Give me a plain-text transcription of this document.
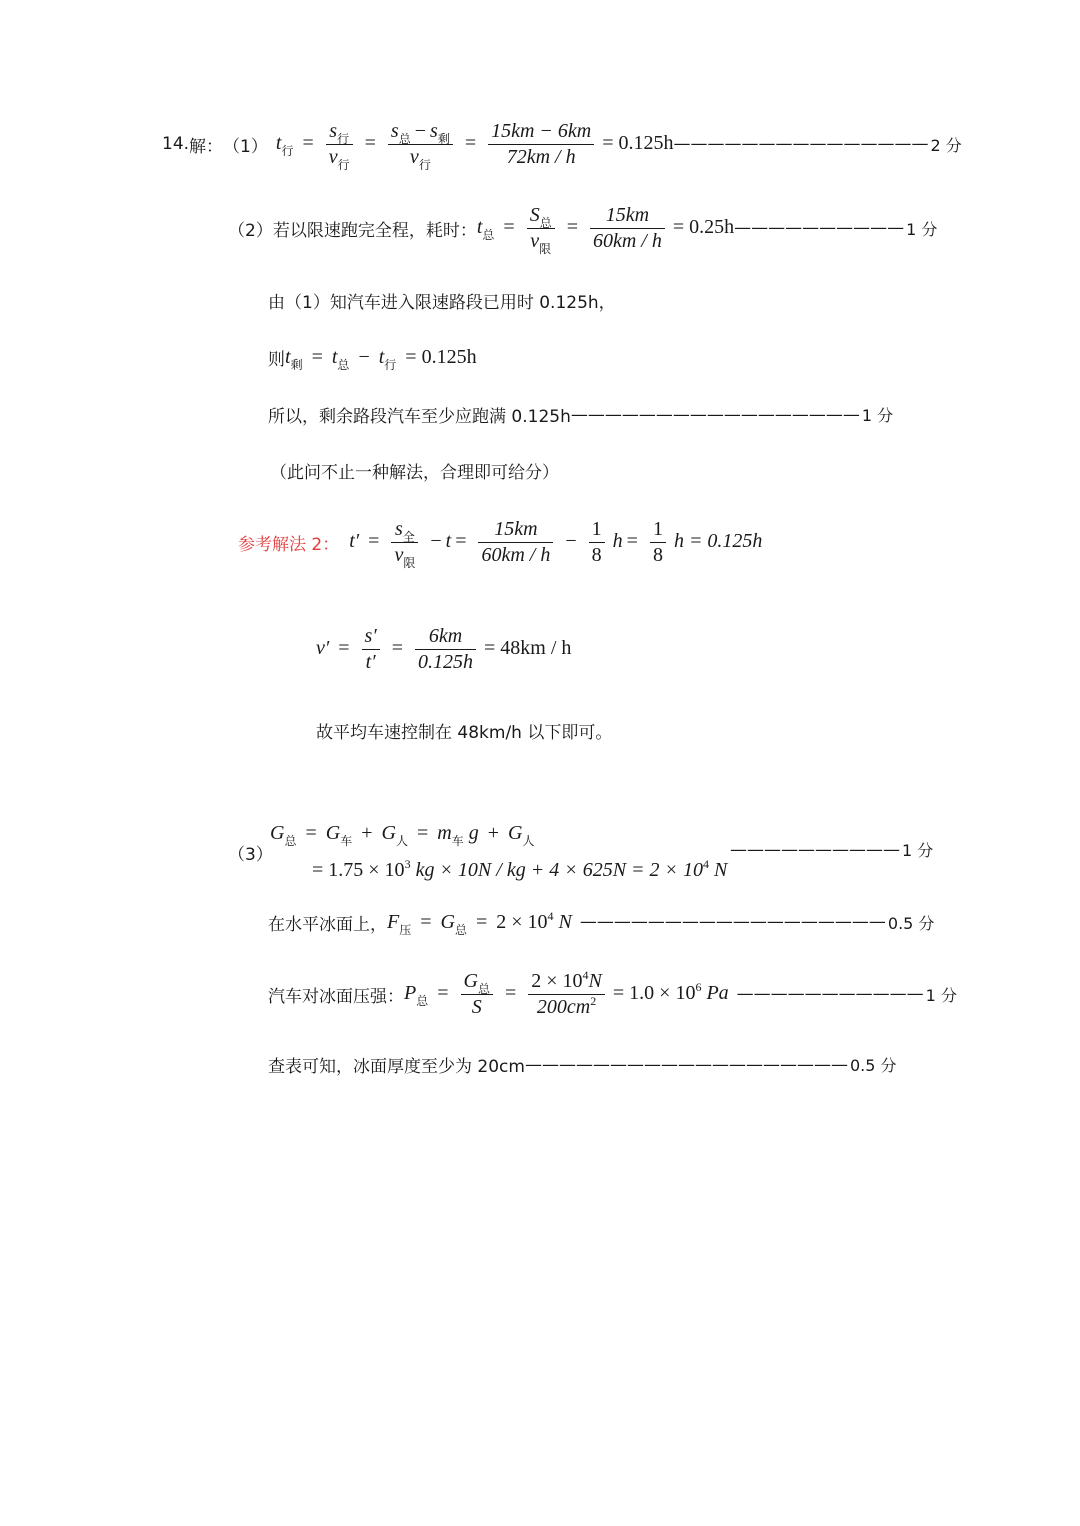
14. 解： （1） $t_行 = \frac{s_行}{v_行} = \frac{s_总 - s_剩}{v_行} = \frac{15km - 6km}{72km / h} = 0.125h$ ——————————————— 2 分
（2） 若以限速跑完全程，耗时： $t_总 = \frac{S_总}{v_限} = \frac{15km}{60km / h} = 0.25h$ —————————— 1 分
由（1）知汽车进入限速路段已用时 0.125h，
则 $t_剩 = t_总 - t_行 = 0.125h$
所以，剩余路段汽车至少应跑满 0.125h ————————————————— 1 分
（此问不止一种解法，合理即可给分）
参考解法 2： $t' = \frac{s_全}{v_限} - t = \frac{15km}{60km / h} - \frac{1}{8}$ $h = \frac{1}{8}$ h = 0.125h
$v' = \frac{s'}{t'} = \frac{6km}{0.125h} = 48km / h$
故平均车速控制在 48km/h 以下即可。
（3）
$G_总 = G_车 + G_人 = m_车$ $g + G_人$
= $1.75 \times 10^3$ kg × 10N / kg + $4 \times 625N = 2 \times 10^4$ N
—————————— 1 分
在水平冰面上， $F_压 = G_总 = 2 \times 10^4$ N —————————————————— 0.5 分
汽车对冰面压强： $P_总 = \frac{G_总}{S} = \frac{2 \times 10^4N}{200cm^2} = 1.0 \times 10^6$ Pa ——————————— 1 分
查表可知，冰面厚度至少为 20cm ——————————————————— 0.5 分
